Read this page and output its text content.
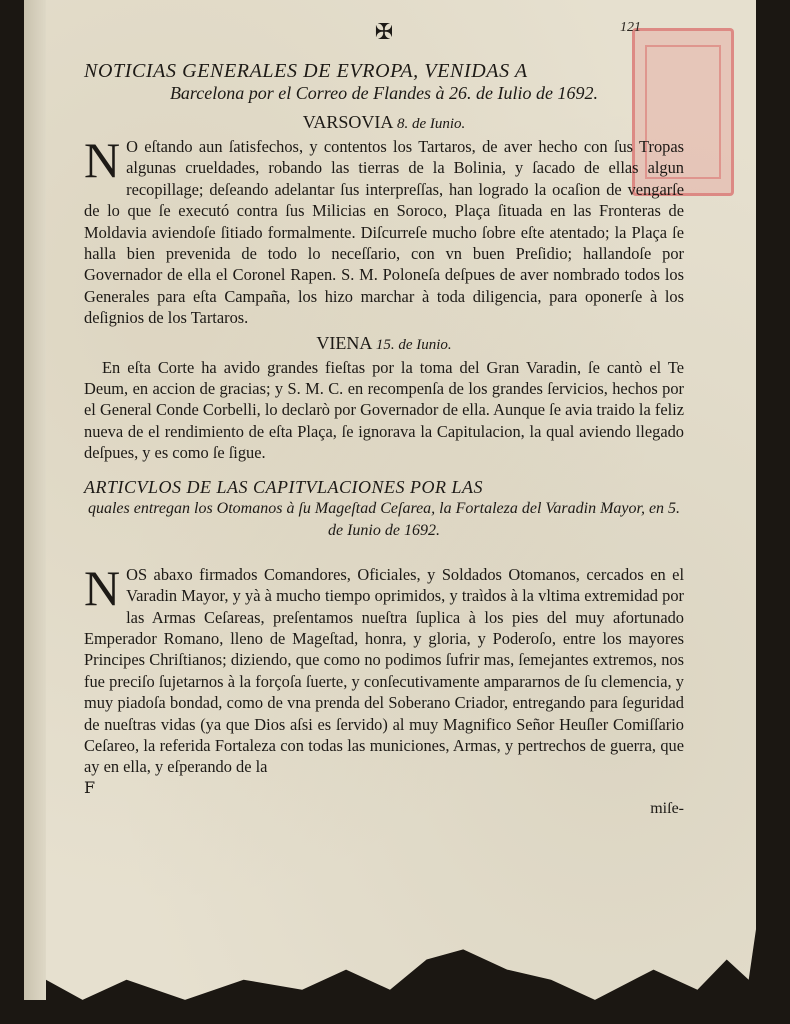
121
✠
NOTICIAS GENERALES DE EVROPA, VENIDAS A
Barcelona por el Correo de Flandes à 26. de Iulio de 1692.
VARSOVIA 8. de Iunio.

N O eſtando aun ſatisfechos, y contentos los Tartaros, de aver hecho con ſus Tropas algunas crueldades, robando las tierras de la Bolinia, y ſacado de ellas algun recopillage; deſeando adelantar ſus interpreſſas, han logrado la ocaſion de vengarſe de lo que ſe executó contra ſus Milicias en Soroco, Plaça ſituada en las Fronteras de Moldavia aviendoſe ſitiado formalmente. Diſcurreſe mucho ſobre eſte atentado; la Plaça ſe halla bien prevenida de todo lo neceſſario, con vn buen Preſidio; hallandoſe por Governador de ella el Coronel Rapen. S. M. Poloneſa deſpues de aver nombrado todos los Generales para eſta Campaña, los hizo marchar à toda diligencia, para oponerſe à los deſignios de los Tartaros.

VIENA 15. de Iunio.

En eſta Corte ha avido grandes fieſtas por la toma del Gran Varadin, ſe cantò el Te Deum, en accion de gracias; y S. M. C. en recompenſa de los grandes ſervicios, hechos por el General Conde Corbelli, lo declarò por Governador de ella. Aunque ſe avia traido la feliz nueva de el rendimiento de eſta Plaça, ſe ignorava la Capitulacion, la qual aviendo llegado deſpues, y es como ſe ſigue.

ARTICVLOS DE LAS CAPITVLACIONES POR LAS
quales entregan los Otomanos à ſu Mageſtad Ceſarea, la Fortaleza del Varadin Mayor, en 5. de Iunio de 1692.

N OS abaxo firmados Comandores, Oficiales, y Soldados Otomanos, cercados en el Varadin Mayor, y yà à mucho tiempo oprimidos, y traìdos à la vltima extremidad por las Armas Ceſareas, preſentamos nueſtra ſuplica à los pies del muy afortunado Emperador Romano, lleno de Mageſtad, honra, y gloria, y Poderoſo, entre los mayores Principes Chriſtianos; diziendo, que como no podimos ſufrir mas, ſemejantes extremos, nos fue preciſo ſujetarnos à la forçoſa ſuerte, y conſecutivamente ampararnos de ſu clemencia, y muy piadoſa bondad, como de vna prenda del Soberano Criador, entregando para ſeguridad de nueſtras vidas (ya que Dios aſsi es ſervido) al muy Magnifico Señor Heuſler Comiſſario Ceſareo, la referida Fortaleza con todas las municiones, Armas, y pertrechos de guerra, que ay en ella, y eſperando de la

F
miſe-
